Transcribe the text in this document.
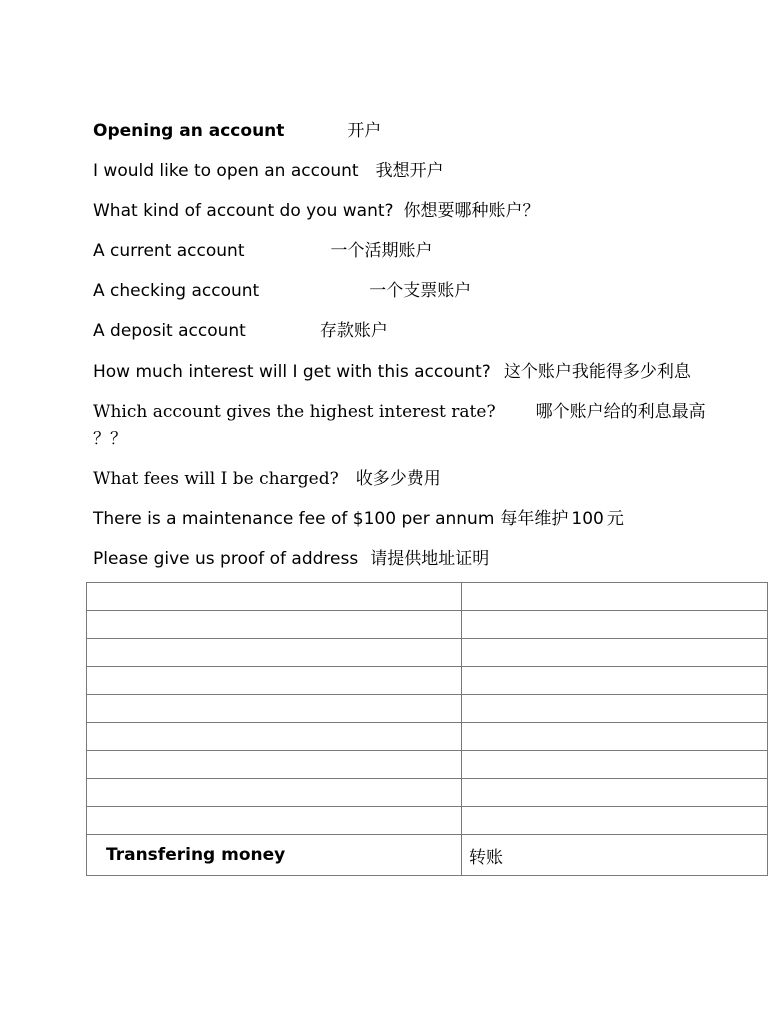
Opening an account	开户
I would like to open an account 我想开户
What kind of account do you want? 你想要哪种账户？
A current account	一个活期账户
A checking account	一个支票账户
A deposit account	存款账户
How much interest will I get with this account? 这个账户我能得多少利息
Which account gives the highest interest rate? 哪个账户给的利息最高
？？
What fees will I be charged? 收多少费用
There is a maintenance fee of $100 per annum 每年维护 100 元
Please give us proof of address 请提供地址证明

Transfering money	转账
